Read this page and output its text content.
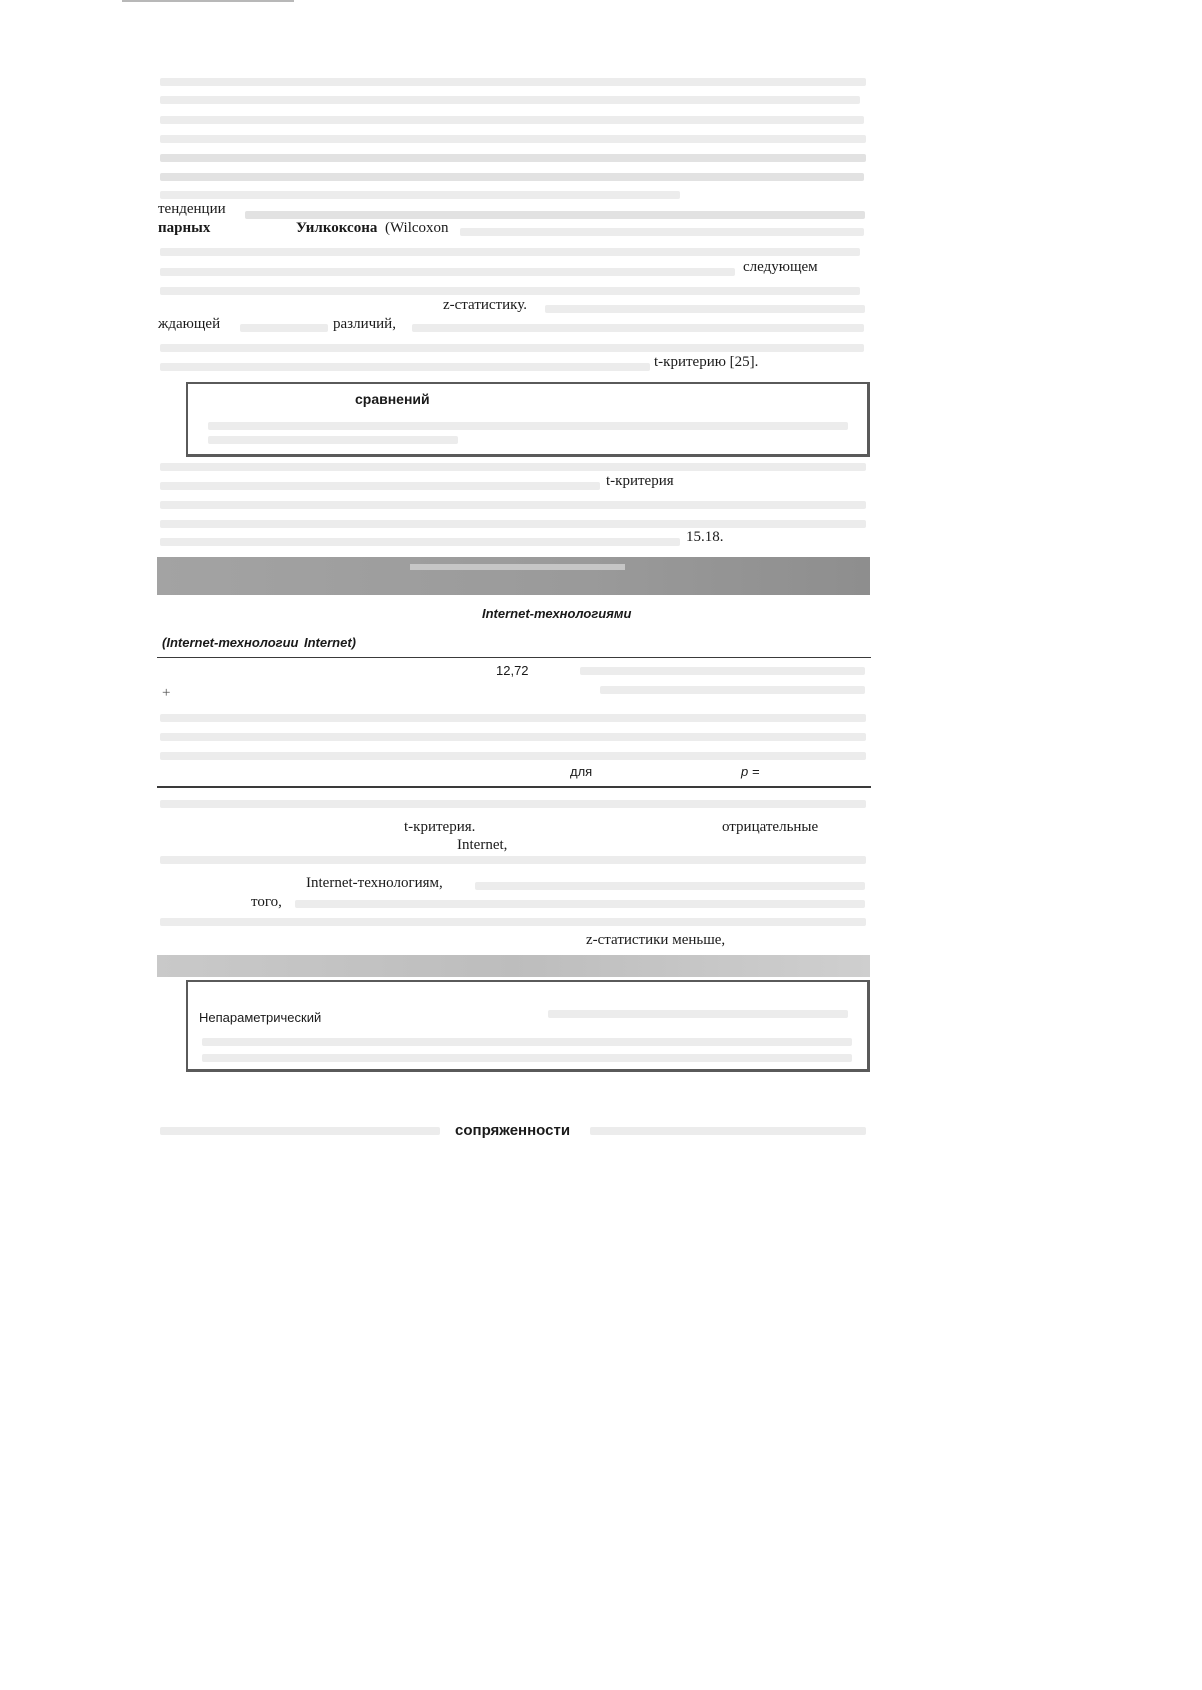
тенденции
парных	Уилкоксона (Wilcoxon
следующем
z-статистику.
ждающей	различий,
t-критерию [25].
сравнений
t-критерия
15.18.
Internet-технологиями
(Internet-технологии Internet)
12,72
+
для	p =
t-критерия.	отрицательные
Internet,
Internet-технологиям,
того,
z-статистики меньше,
Непараметрический
сопряженности
